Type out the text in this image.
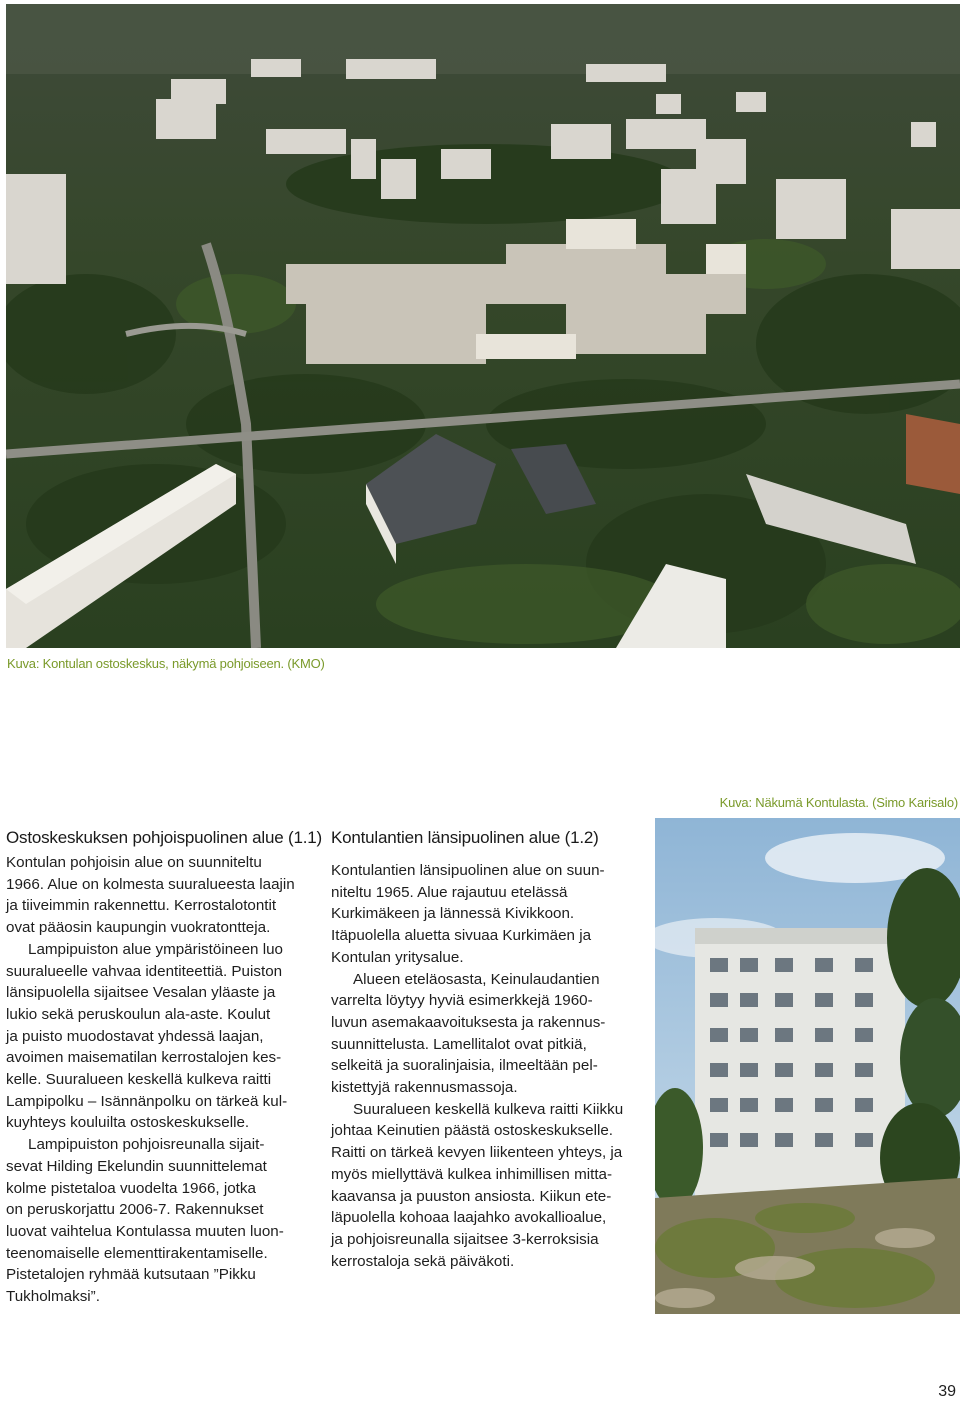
Kuva: Kontulan ostoskeskus, näkymä pohjoiseen. (KMO)
Kuva: Näkumä Kontulasta. (Simo Karisalo)
Ostoskeskuksen pohjoispuolinen alue (1.1)
Kontulan pohjoisin alue on suunniteltu
1966. Alue on kolmesta suuralueesta laajin
ja tiiveimmin rakennettu. Kerrostalotontit
ovat pääosin kaupungin vuokratontteja.
Lampipuiston alue ympäristöineen luo
suuralueelle vahvaa identiteettiä. Puiston
länsipuolella sijaitsee Vesalan yläaste ja
lukio sekä peruskoulun ala-aste. Koulut
ja puisto muodostavat yhdessä laajan,
avoimen maisematilan kerrostalojen kes-
kelle. Suuralueen keskellä kulkeva raitti
Lampipolku – Isännänpolku on tärkeä kul-
kuyhteys kouluilta ostoskeskukselle.
Lampipuiston pohjoisreunalla sijait-
sevat Hilding Ekelundin suunnittelemat
kolme pistetaloa vuodelta 1966, jotka
on peruskorjattu 2006-7. Rakennukset
luovat vaihtelua Kontulassa muuten luon-
teenomaiselle elementtirakentamiselle.
Pistetalojen ryhmää kutsutaan ”Pikku
Tukholmaksi”.
Kontulantien länsipuolinen alue (1.2)
Kontulantien länsipuolinen alue on suun-
niteltu 1965. Alue rajautuu etelässä
Kurkimäkeen ja lännessä Kivikkoon.
Itäpuolella aluetta sivuaa Kurkimäen ja
Kontulan yritysalue.
Alueen eteläosasta, Keinulaudantien
varrelta löytyy hyviä esimerkkejä 1960-
luvun asemakaavoituksesta ja rakennus-
suunnittelusta. Lamellitalot ovat pitkiä,
selkeitä ja suoralinjaisia, ilmeeltään pel-
kistettyjä rakennusmassoja.
Suuralueen keskellä kulkeva raitti Kiikku
johtaa Keinutien päästä ostoskeskukselle.
Raitti on tärkeä kevyen liikenteen yhteys, ja
myös miellyttävä kulkea inhimillisen mitta-
kaavansa ja puuston ansiosta. Kiikun ete-
läpuolella kohoaa laajahko avokallioalue,
ja pohjoisreunalla sijaitsee 3-kerroksisia
kerrostaloja sekä päiväkoti.
39
